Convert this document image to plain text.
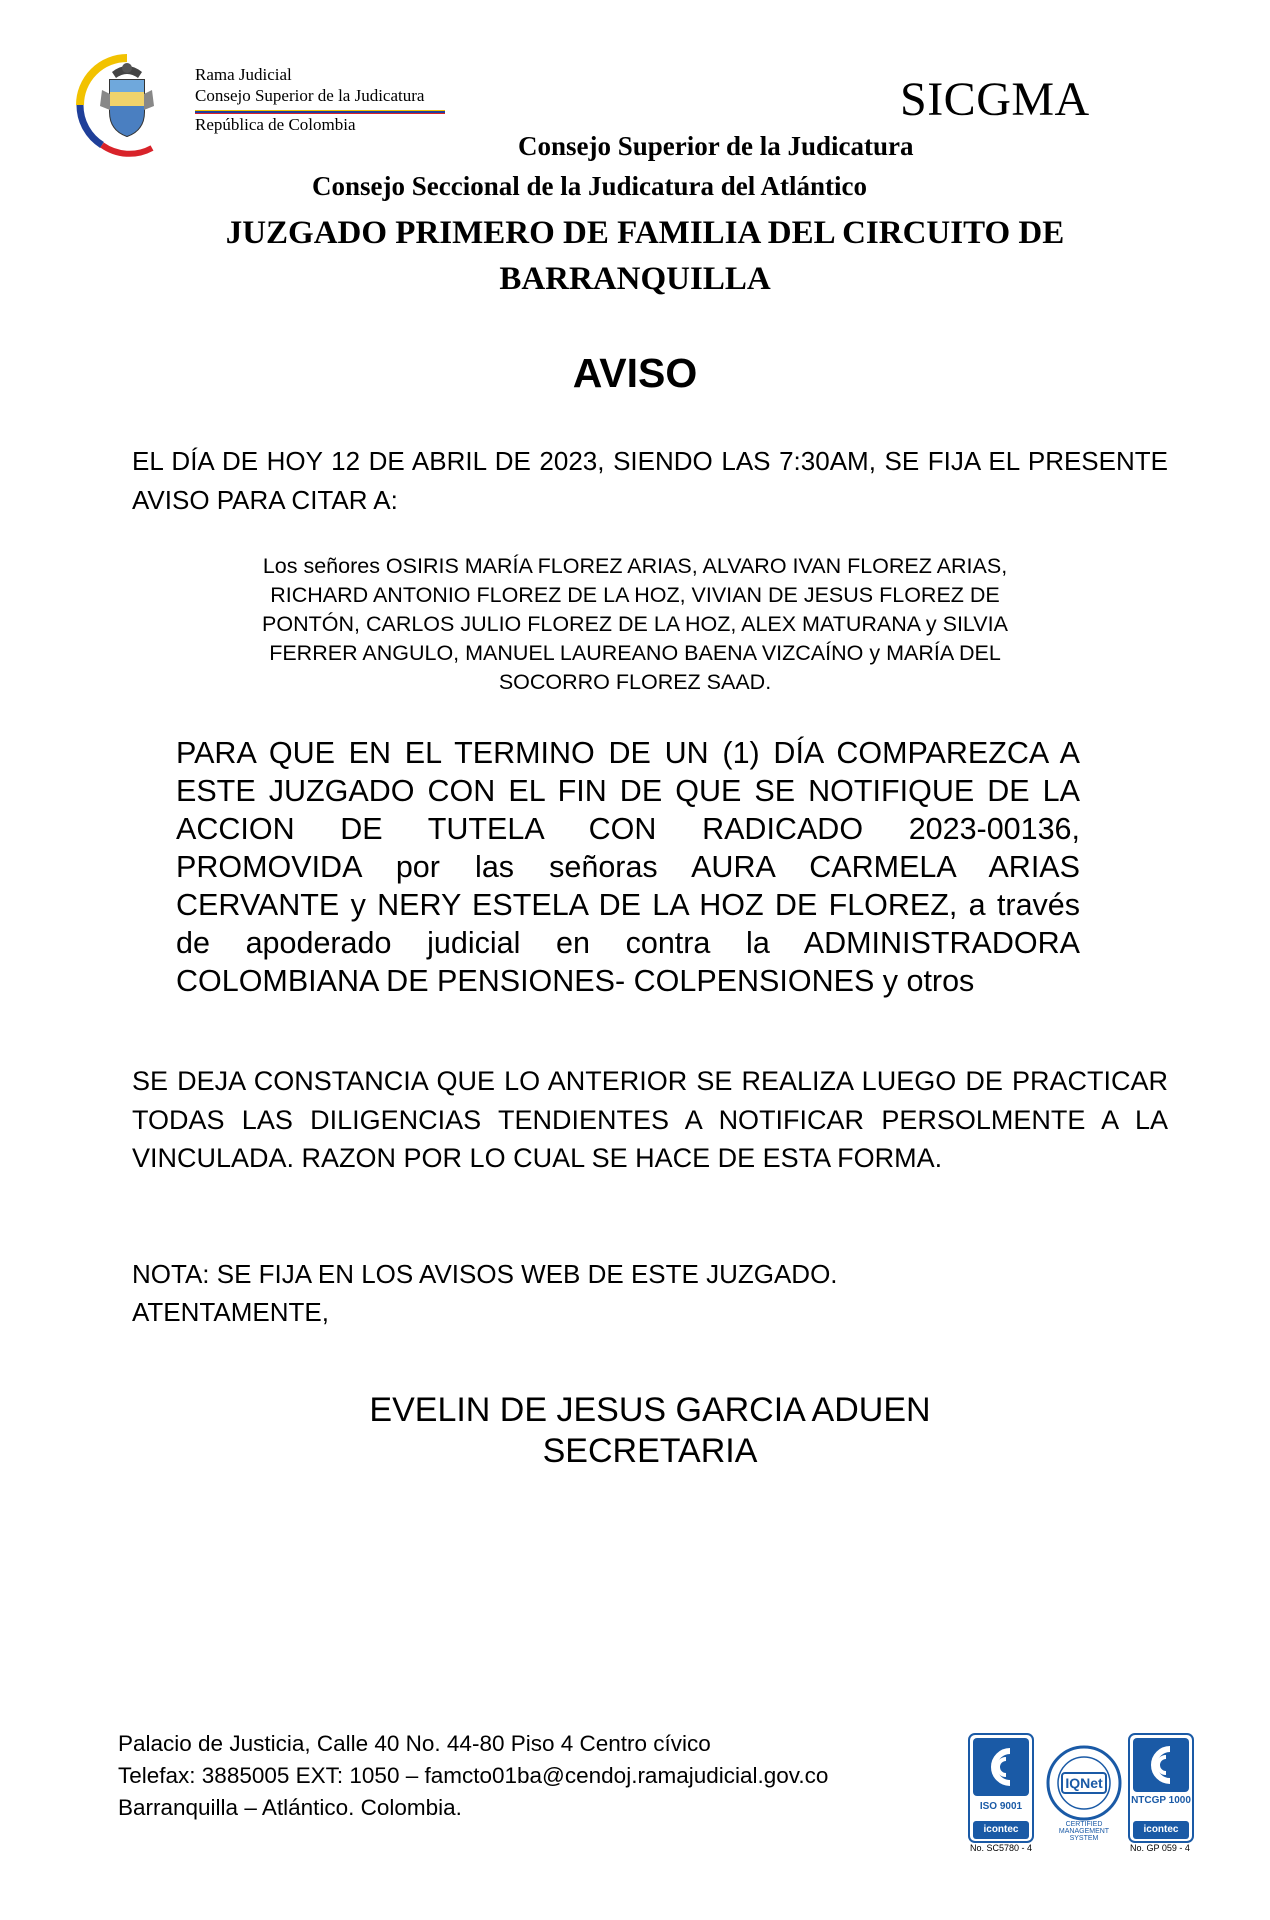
Rama Judicial
Consejo Superior de la Judicatura
República de Colombia	SICGMA
Consejo Superior de la Judicatura
Consejo Seccional de la Judicatura del Atlántico
JUZGADO PRIMERO DE FAMILIA DEL CIRCUITO DE
BARRANQUILLA
AVISO
EL DÍA DE HOY 12 DE ABRIL DE 2023, SIENDO LAS 7:30AM, SE FIJA EL PRESENTE AVISO PARA CITAR A:
Los señores OSIRIS MARÍA FLOREZ ARIAS, ALVARO IVAN FLOREZ ARIAS,
RICHARD ANTONIO FLOREZ DE LA HOZ, VIVIAN DE JESUS FLOREZ DE
PONTÓN, CARLOS JULIO FLOREZ DE LA HOZ, ALEX MATURANA y SILVIA
FERRER ANGULO, MANUEL LAUREANO BAENA VIZCAÍNO y MARÍA DEL
SOCORRO FLOREZ SAAD.
PARA QUE EN EL TERMINO DE UN (1) DÍA COMPAREZCA A ESTE JUZGADO CON EL FIN DE QUE SE NOTIFIQUE DE LA ACCION DE TUTELA CON RADICADO 2023-00136, PROMOVIDA por las señoras AURA CARMELA ARIAS CERVANTE y NERY ESTELA DE LA HOZ DE FLOREZ, a través de apoderado judicial en contra la ADMINISTRADORA
COLOMBIANA DE PENSIONES- COLPENSIONES y otros
SE DEJA CONSTANCIA QUE LO ANTERIOR SE REALIZA LUEGO DE PRACTICAR TODAS LAS DILIGENCIAS TENDIENTES A NOTIFICAR PERSOLMENTE A LA VINCULADA. RAZON POR LO CUAL SE HACE DE ESTA FORMA.
NOTA: SE FIJA EN LOS AVISOS WEB DE ESTE JUZGADO.
ATENTAMENTE,
EVELIN DE JESUS GARCIA ADUEN
SECRETARIA
Palacio de Justicia, Calle 40 No. 44-80 Piso 4 Centro cívico
Telefax: 3885005 EXT: 1050 – famcto01ba@cendoj.ramajudicial.gov.co
Barranquilla – Atlántico. Colombia.	ISO 9001
icontec
No. SC5780 - 4
IQNet
CERTIFIED MANAGEMENT SYSTEM
NTCGP 1000
icontec
No. GP 059 - 4
